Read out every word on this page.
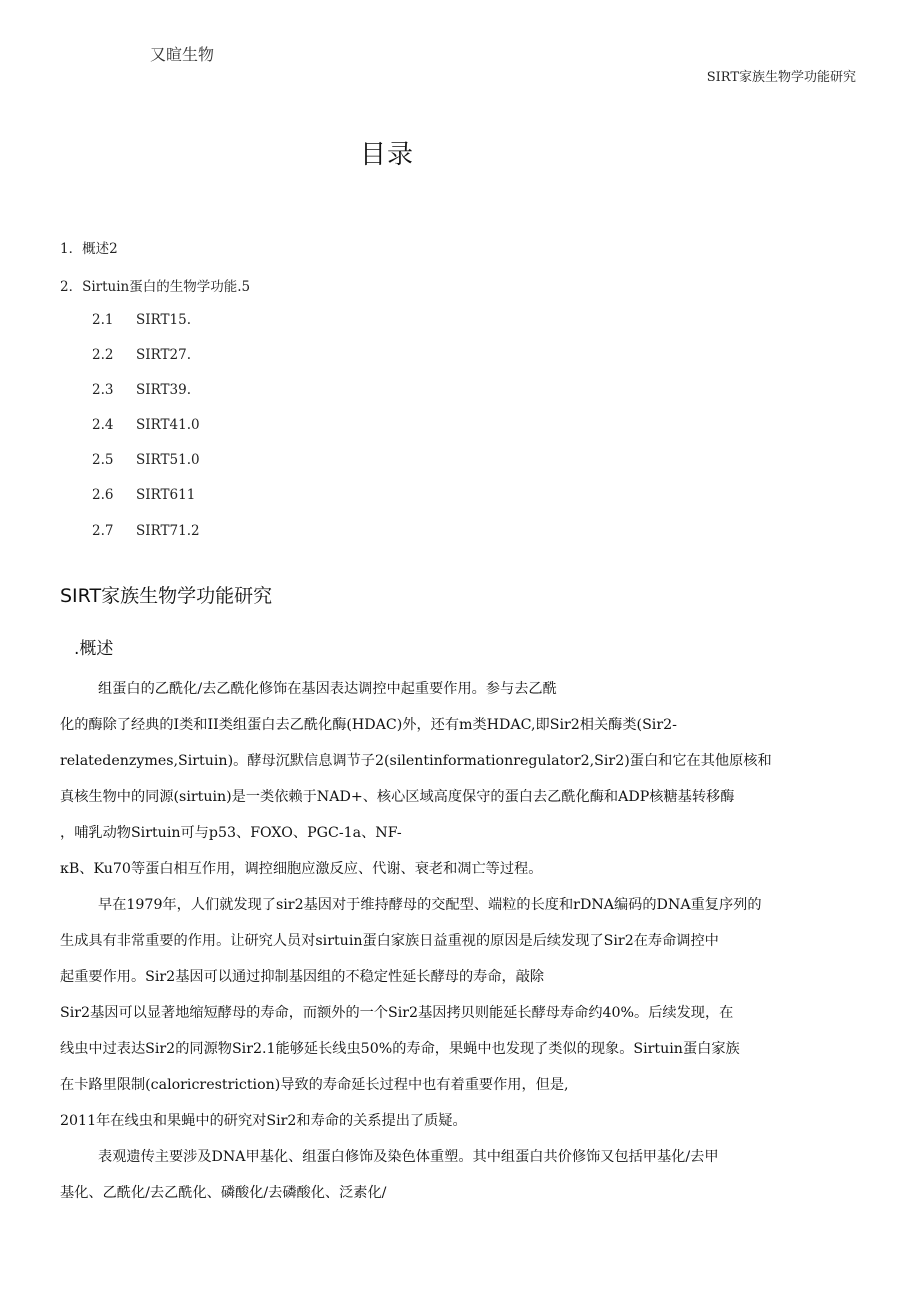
又暄生物
SIRT家族生物学功能研究
目录
1．概述2
2．Sirtuin蛋白的生物学功能.5
2.1 SIRT15.
2.2 SIRT27.
2.3 SIRT39.
2.4 SIRT41.0
2.5 SIRT51.0
2.6 SIRT611
2.7 SIRT71.2
SIRT家族生物学功能研究
.概述
组蛋白的乙酰化/去乙酰化修饰在基因表达调控中起重要作用。参与去乙酰
化的酶除了经典的I类和II类组蛋白去乙酰化酶(HDAC)外，还有m类HDAC,即Sir2相关酶类(Sir2-
relatedenzymes,Sirtuin)。酵母沉默信息调节子2(silentinformationregulator2,Sir2)蛋白和它在其他原核和
真核生物中的同源(sirtuin)是一类依赖于NAD+、核心区域高度保守的蛋白去乙酰化酶和ADP核糖基转移酶
，哺乳动物Sirtuin可与p53、FOXO、PGC-1a、NF-
κB、Ku70等蛋白相互作用，调控细胞应激反应、代谢、衰老和凋亡等过程。
早在1979年，人们就发现了sir2基因对于维持酵母的交配型、端粒的长度和rDNA编码的DNA重复序列的
生成具有非常重要的作用。让研究人员对sirtuin蛋白家族日益重视的原因是后续发现了Sir2在寿命调控中
起重要作用。Sir2基因可以通过抑制基因组的不稳定性延长酵母的寿命，敲除
Sir2基因可以显著地缩短酵母的寿命，而额外的一个Sir2基因拷贝则能延长酵母寿命约40%。后续发现，在
线虫中过表达Sir2的同源物Sir2.1能够延长线虫50%的寿命，果蝇中也发现了类似的现象。Sirtuin蛋白家族
在卡路里限制(caloricrestriction)导致的寿命延长过程中也有着重要作用，但是,
2011年在线虫和果蝇中的研究对Sir2和寿命的关系提出了质疑。
表观遗传主要涉及DNA甲基化、组蛋白修饰及染色体重塑。其中组蛋白共价修饰又包括甲基化/去甲
基化、乙酰化/去乙酰化、磷酸化/去磷酸化、泛素化/
